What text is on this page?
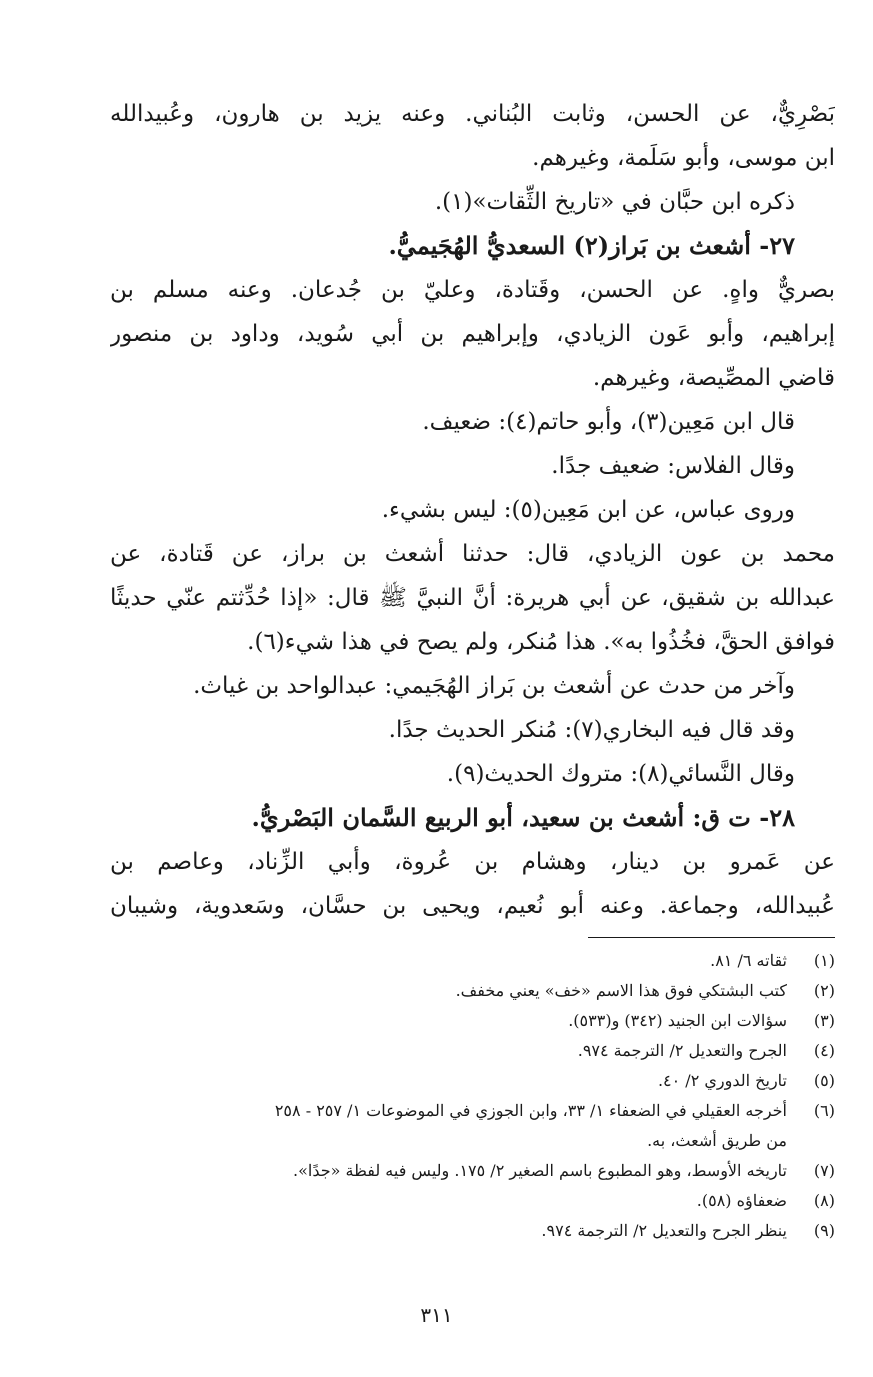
بَصْرِيٌّ، عن الحسن، وثابت البُناني. وعنه يزيد بن هارون، وعُبيدالله
ابن موسى، وأبو سَلَمة، وغيرهم.
ذكره ابن حبَّان في «تاريخ الثِّقات»(١).
٢٧- أشعث بن بَراز(٢) السعديُّ الهُجَيميُّ.
بصريٌّ واهٍ. عن الحسن، وقَتادة، وعليّ بن جُدعان. وعنه مسلم بن
إبراهيم، وأبو عَون الزيادي، وإبراهيم بن أبي سُويد، وداود بن منصور
قاضي المصِّيصة، وغيرهم.
قال ابن مَعِين(٣)، وأبو حاتم(٤): ضعيف.
وقال الفلاس: ضعيف جدًا.
وروى عباس، عن ابن مَعِين(٥): ليس بشيء.
محمد بن عون الزيادي، قال: حدثنا أشعث بن براز، عن قَتادة، عن
عبدالله بن شقيق، عن أبي هريرة: أنَّ النبيَّ ﷺ قال: «إذا حُدِّثتم عنّي حديثًا
فوافق الحقَّ، فخُذُوا به». هذا مُنكر، ولم يصح في هذا شيء(٦).
وآخر من حدث عن أشعث بن بَراز الهُجَيمي: عبدالواحد بن غياث.
وقد قال فيه البخاري(٧): مُنكر الحديث جدًا.
وقال النَّسائي(٨): متروك الحديث(٩).
٢٨- ت ق: أشعث بن سعيد، أبو الربيع السَّمان البَصْريُّ.
عن عَمرو بن دينار، وهشام بن عُروة، وأبي الزِّناد، وعاصم بن
عُبيدالله، وجماعة. وعنه أبو نُعيم، ويحيى بن حسَّان، وسَعدوية، وشيبان
(١)
ثقاته ٦/ ٨١.
(٢)
كتب البشتكي فوق هذا الاسم «خف» يعني مخفف.
(٣)
سؤالات ابن الجنيد (٣٤٢) و(٥٣٣).
(٤)
الجرح والتعديل ٢/ الترجمة ٩٧٤.
(٥)
تاريخ الدوري ٢/ ٤٠.
(٦)
أخرجه العقيلي في الضعفاء ١/ ٣٣، وابن الجوزي في الموضوعات ١/ ٢٥٧ - ٢٥٨
من طريق أشعث، به.
(٧)
تاريخه الأوسط، وهو المطبوع باسم الصغير ٢/ ١٧٥. وليس فيه لفظة «جدًا».
(٨)
ضعفاؤه (٥٨).
(٩)
ينظر الجرح والتعديل ٢/ الترجمة ٩٧٤.
٣١١
